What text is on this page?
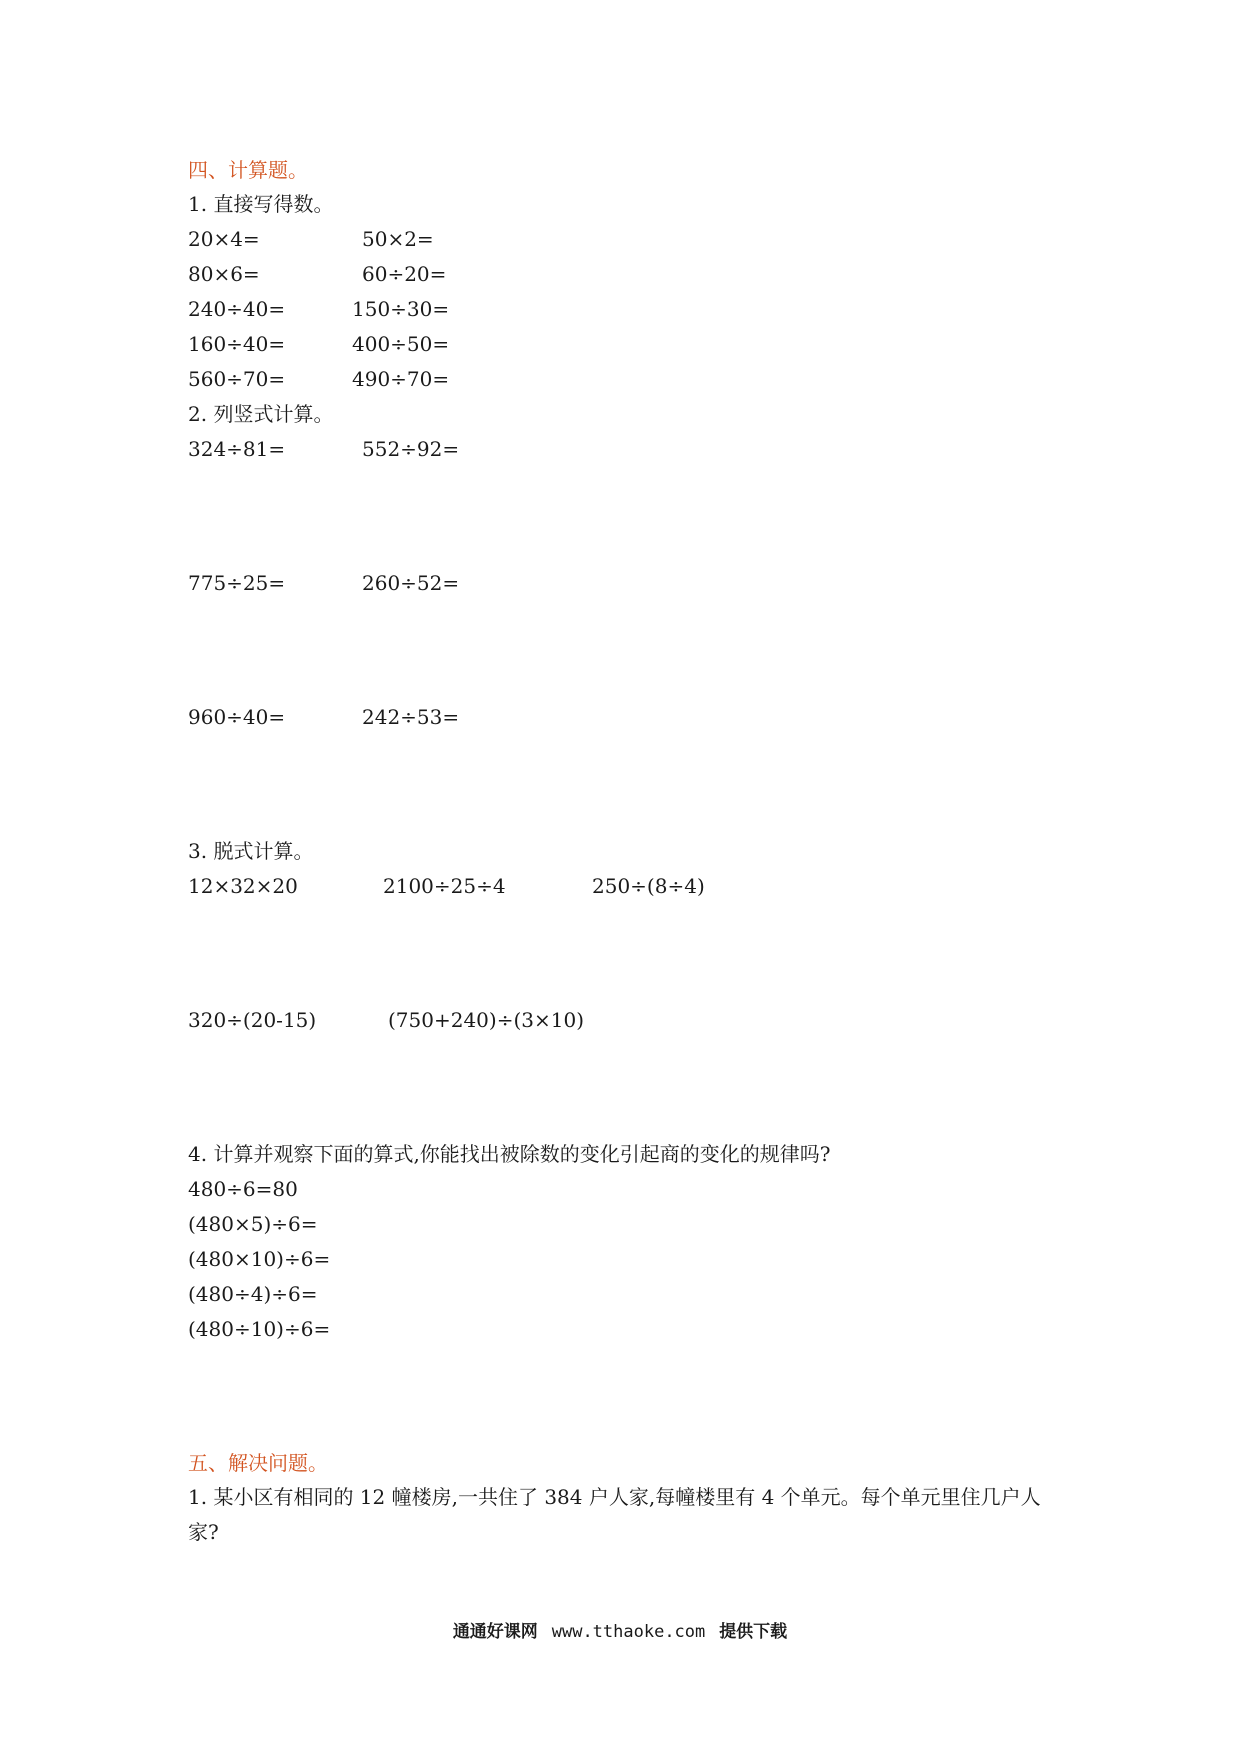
四、计算题。
1. 直接写得数。
20×4=	50×2=
80×6=	60÷20=
240÷40=	150÷30=
160÷40=	400÷50=
560÷70=	490÷70=
2. 列竖式计算。
324÷81=	552÷92=
775÷25=	260÷52=
960÷40=	242÷53=
3. 脱式计算。
12×32×20	2100÷25÷4	250÷(8÷4)
320÷(20-15)	(750+240)÷(3×10)
4. 计算并观察下面的算式,你能找出被除数的变化引起商的变化的规律吗?
480÷6=80
(480×5)÷6=
(480×10)÷6=
(480÷4)÷6=
(480÷10)÷6=
五、解决问题。
1. 某小区有相同的 12 幢楼房,一共住了 384 户人家,每幢楼里有 4 个单元。每个单元里住几户人家?
通通好课网 www.tthaoke.com 提供下载
